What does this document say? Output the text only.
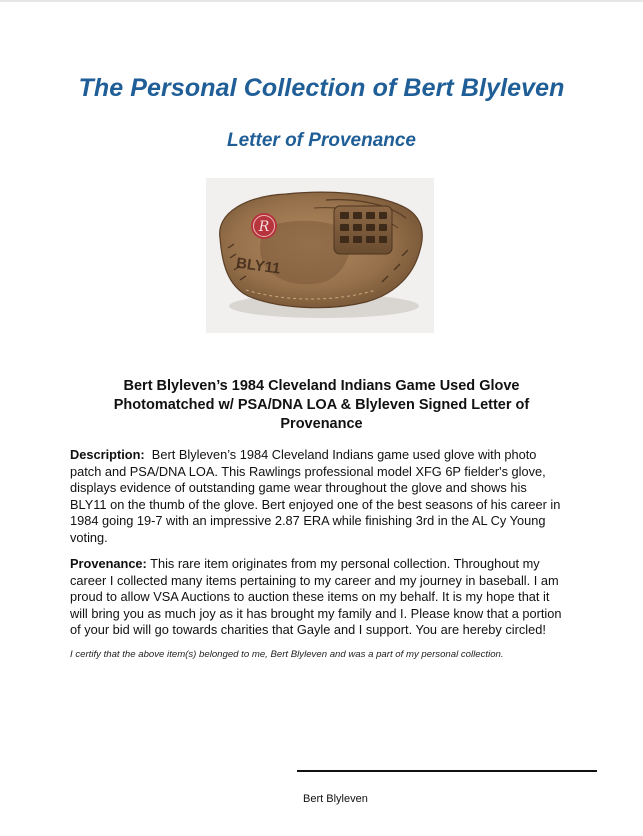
The Personal Collection of Bert Blyleven
Letter of Provenance
R
BLY11
Bert Blyleven’s 1984 Cleveland Indians Game Used Glove
Photomatched w/ PSA/DNA LOA & Blyleven Signed Letter of
Provenance
Description: Bert Blyleven’s 1984 Cleveland Indians game used glove with photo
patch and PSA/DNA LOA. This Rawlings professional model XFG 6P fielder's glove,
displays evidence of outstanding game wear throughout the glove and shows his
BLY11 on the thumb of the glove. Bert enjoyed one of the best seasons of his career in
1984 going 19-7 with an impressive 2.87 ERA while finishing 3rd in the AL Cy Young
voting.
Provenance: This rare item originates from my personal collection. Throughout my
career I collected many items pertaining to my career and my journey in baseball. I am
proud to allow VSA Auctions to auction these items on my behalf. It is my hope that it
will bring you as much joy as it has brought my family and I. Please know that a portion
of your bid will go towards charities that Gayle and I support. You are hereby circled!
I certify that the above item(s) belonged to me, Bert Blyleven and was a part of my personal collection.
Bert Blyleven
